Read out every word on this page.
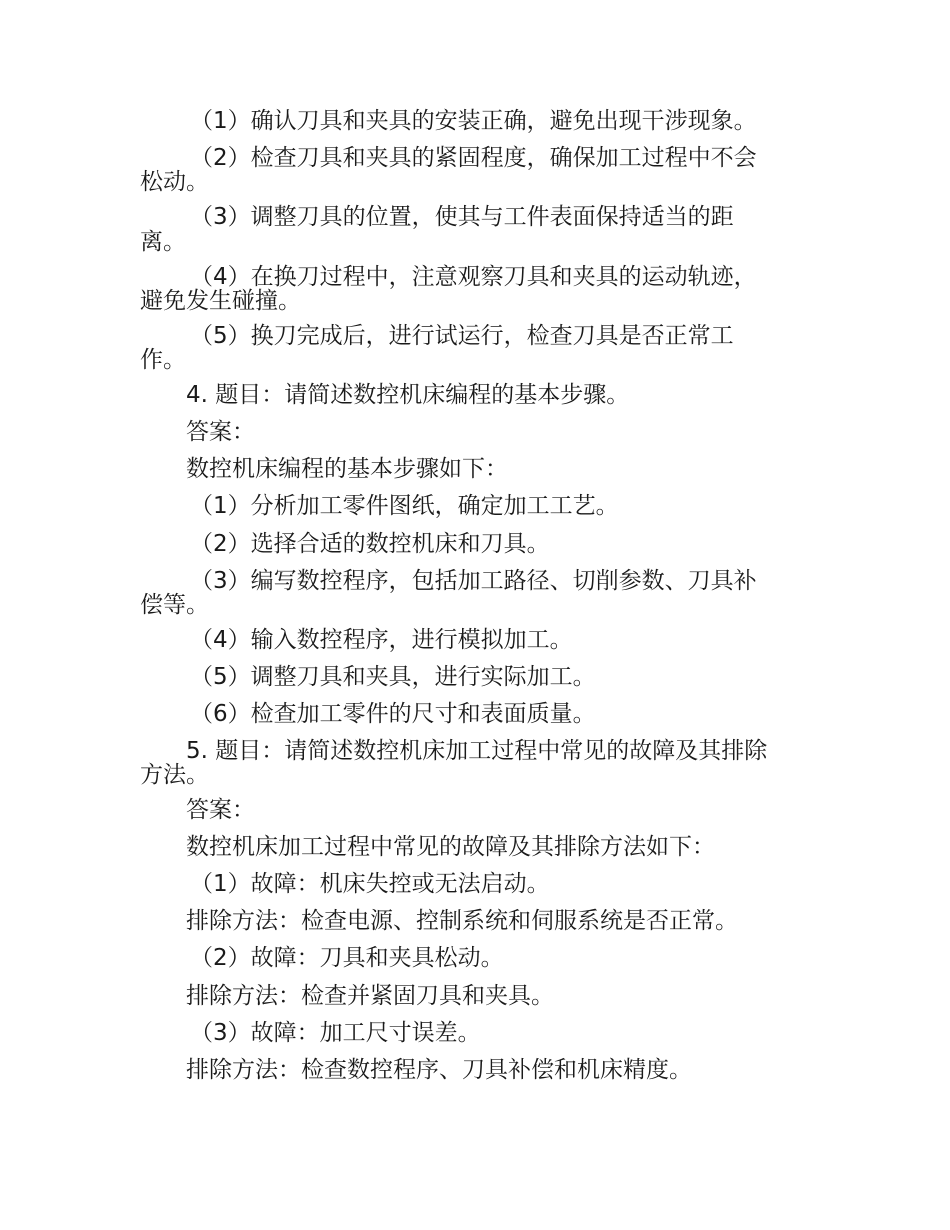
（1）确认刀具和夹具的安装正确，避免出现干涉现象。

（2）检查刀具和夹具的紧固程度，确保加工过程中不会

松动。

（3）调整刀具的位置，使其与工件表面保持适当的距

离。

（4）在换刀过程中，注意观察刀具和夹具的运动轨迹，

避免发生碰撞。

（5）换刀完成后，进行试运行，检查刀具是否正常工

作。

4. 题目：请简述数控机床编程的基本步骤。

答案：

数控机床编程的基本步骤如下：

（1）分析加工零件图纸，确定加工工艺。

（2）选择合适的数控机床和刀具。

（3）编写数控程序，包括加工路径、切削参数、刀具补

偿等。

（4）输入数控程序，进行模拟加工。

（5）调整刀具和夹具，进行实际加工。

（6）检查加工零件的尺寸和表面质量。

5. 题目：请简述数控机床加工过程中常见的故障及其排除

方法。

答案：

数控机床加工过程中常见的故障及其排除方法如下：

（1）故障：机床失控或无法启动。

排除方法：检查电源、控制系统和伺服系统是否正常。

（2）故障：刀具和夹具松动。

排除方法：检查并紧固刀具和夹具。

（3）故障：加工尺寸误差。

排除方法：检查数控程序、刀具补偿和机床精度。
